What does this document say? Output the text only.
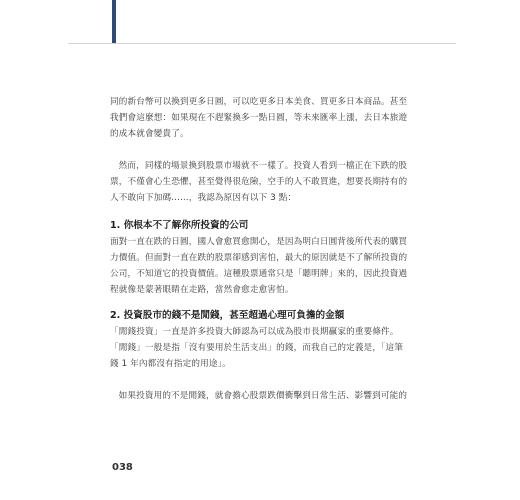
同的新台幣可以換到更多日圓，可以吃更多日本美食、買更多日本商品。甚至我們會這麼想：如果現在不趕緊換多一點日圓，等未來匯率上漲，去日本旅遊的成本就會變貴了。

然而，同樣的場景換到股票市場就不一樣了。投資人看到一檔正在下跌的股票，不僅會心生恐懼，甚至覺得很危險，空手的人不敢買進，想要長期持有的人不敢向下加碼……，我認為原因有以下 3 點：

1. 你根本不了解你所投資的公司

面對一直在跌的日圓，國人會愈買愈開心，是因為明白日圓背後所代表的購買力價值。但面對一直在跌的股票卻感到害怕，最大的原因就是不了解所投資的公司，不知道它的投資價值。這種股票通常只是「聽明牌」來的，因此投資過程就像是蒙著眼睛在走路，當然會愈走愈害怕。

2. 投資股市的錢不是閒錢，甚至超過心理可負擔的金額

「閒錢投資」一直是許多投資大師認為可以成為股市長期贏家的重要條件。「閒錢」一般是指「沒有要用於生活支出」的錢，而我自己的定義是，「這筆錢 1 年內都沒有指定的用途」。

如果投資用的不是閒錢，就會擔心股票跌價衝擊到日常生活、影響到可能的

038
